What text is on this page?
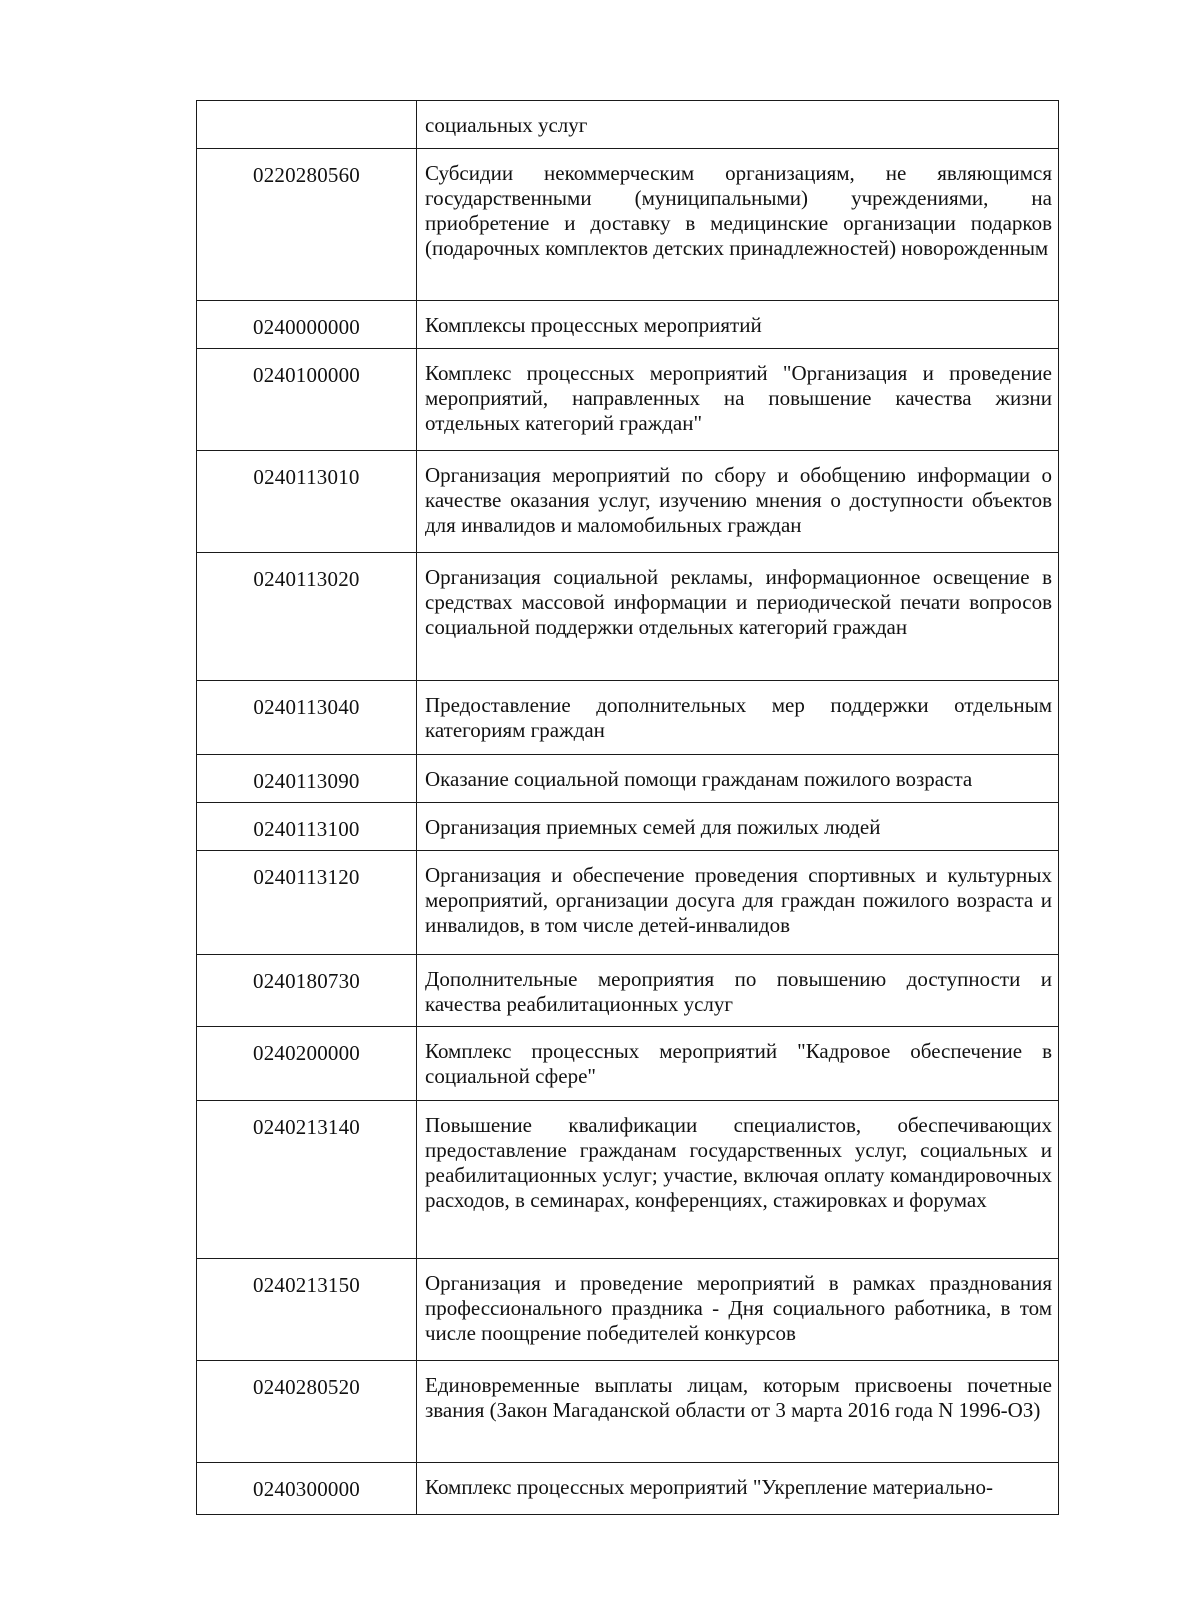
	социальных услуг

0220280560	Субсидии некоммерческим организациям, не являющимся государственными (муниципальными) учреждениями, на приобретение и доставку в медицинские организации подарков (подарочных комплектов детских принадлежностей) новорожденным

0240000000	Комплексы процессных мероприятий

0240100000	Комплекс процессных мероприятий "Организация и проведение мероприятий, направленных на повышение качества жизни отдельных категорий граждан"

0240113010	Организация мероприятий по сбору и обобщению информации о качестве оказания услуг, изучению мнения о доступности объектов для инвалидов и маломобильных граждан

0240113020	Организация социальной рекламы, информационное освещение в средствах массовой информации и периодической печати вопросов социальной поддержки отдельных категорий граждан

0240113040	Предоставление дополнительных мер поддержки отдельным категориям граждан

0240113090	Оказание социальной помощи гражданам пожилого возраста

0240113100	Организация приемных семей для пожилых людей

0240113120	Организация и обеспечение проведения спортивных и культурных мероприятий, организации досуга для граждан пожилого возраста и инвалидов, в том числе детей-инвалидов

0240180730	Дополнительные мероприятия по повышению доступности и качества реабилитационных услуг

0240200000	Комплекс процессных мероприятий "Кадровое обеспечение в социальной сфере"

0240213140	Повышение квалификации специалистов, обеспечивающих предоставление гражданам государственных услуг, социальных и реабилитационных услуг; участие, включая оплату командировочных расходов, в семинарах, конференциях, стажировках и форумах

0240213150	Организация и проведение мероприятий в рамках празднования профессионального праздника - Дня социального работника, в том числе поощрение победителей конкурсов

0240280520	Единовременные выплаты лицам, которым присвоены почетные звания (Закон Магаданской области от 3 марта 2016 года N 1996-ОЗ)

0240300000	Комплекс процессных мероприятий "Укрепление материально-
